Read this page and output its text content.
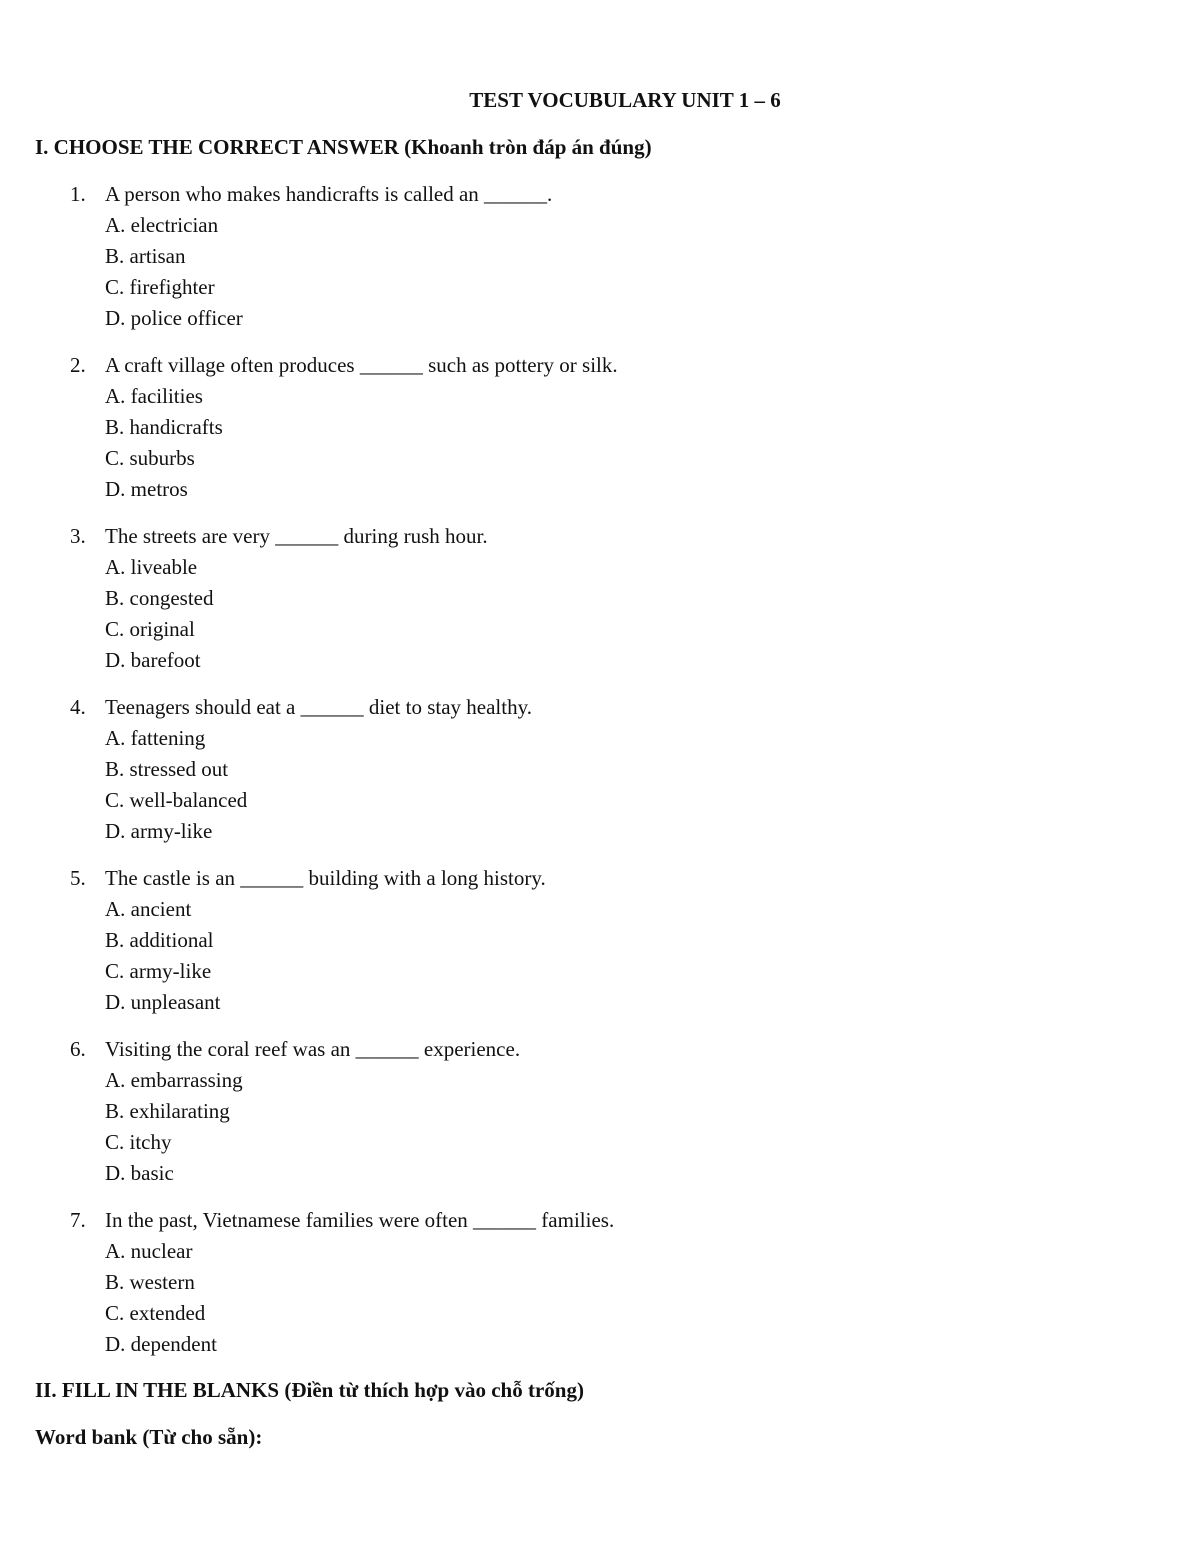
TEST VOCUBULARY UNIT 1 – 6
I. CHOOSE THE CORRECT ANSWER (Khoanh tròn đáp án đúng)
1. A person who makes handicrafts is called an ______.
A. electrician
B. artisan
C. firefighter
D. police officer
2. A craft village often produces ______ such as pottery or silk.
A. facilities
B. handicrafts
C. suburbs
D. metros
3. The streets are very ______ during rush hour.
A. liveable
B. congested
C. original
D. barefoot
4. Teenagers should eat a ______ diet to stay healthy.
A. fattening
B. stressed out
C. well-balanced
D. army-like
5. The castle is an ______ building with a long history.
A. ancient
B. additional
C. army-like
D. unpleasant
6. Visiting the coral reef was an ______ experience.
A. embarrassing
B. exhilarating
C. itchy
D. basic
7. In the past, Vietnamese families were often ______ families.
A. nuclear
B. western
C. extended
D. dependent
II. FILL IN THE BLANKS (Điền từ thích hợp vào chỗ trống)
Word bank (Từ cho sẵn):
